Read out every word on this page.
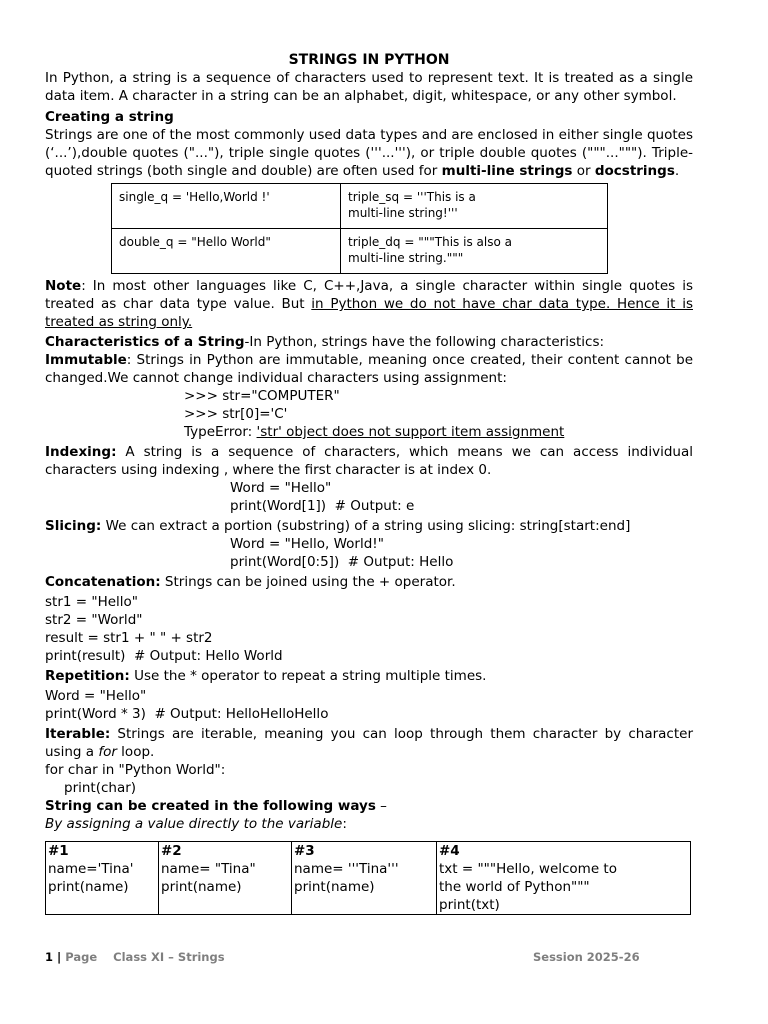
STRINGS IN PYTHON

In Python, a string is a sequence of characters used to represent text. It is treated as a single data item. A character in a string can be an alphabet, digit, whitespace, or any other symbol.

Creating a string

Strings are one of the most commonly used data types and are enclosed in either single quotes (‘...’),double quotes ("..."), triple single quotes ('''...'''), or triple double quotes ("""..."""). Triple-quoted strings (both single and double) are often used for multi-line strings or docstrings.

single_q = 'Hello,World !'	triple_sq = '''This is a
multi-line string!'''
double_q = "Hello World"	triple_dq = """This is also a
multi-line string."""

Note: In most other languages like C, C++,Java, a single character within single quotes is treated as char data type value. But in Python we do not have char data type. Hence it is treated as string only.

Characteristics of a String-In Python, strings have the following characteristics:

Immutable: Strings in Python are immutable, meaning once created, their content cannot be changed.We cannot change individual characters using assignment:

>>> str="COMPUTER"

>>> str[0]='C'

TypeError: 'str' object does not support item assignment

Indexing: A string is a sequence of characters, which means we can access individual characters using indexing , where the first character is at index 0.

Word = "Hello"

print(Word[1])  # Output: e

Slicing: We can extract a portion (substring) of a string using slicing: string[start:end]

Word = "Hello, World!"

print(Word[0:5])  # Output: Hello

Concatenation: Strings can be joined using the + operator.

str1 = "Hello"

str2 = "World"

result = str1 + " " + str2

print(result)  # Output: Hello World

Repetition: Use the * operator to repeat a string multiple times.

Word = "Hello"

print(Word * 3)  # Output: HelloHelloHello

Iterable: Strings are iterable, meaning you can loop through them character by character using a for loop.

for char in "Python World":

print(char)

String can be created in the following ways –

By assigning a value directly to the variable:

#1
name='Tina'
print(name)

#2
name= "Tina"
print(name)

#3
name= '''Tina'''
print(name)

#4
txt = """Hello, welcome to
the world of Python"""
print(txt)
1 | Page Class XI – Strings	Session 2025-26
